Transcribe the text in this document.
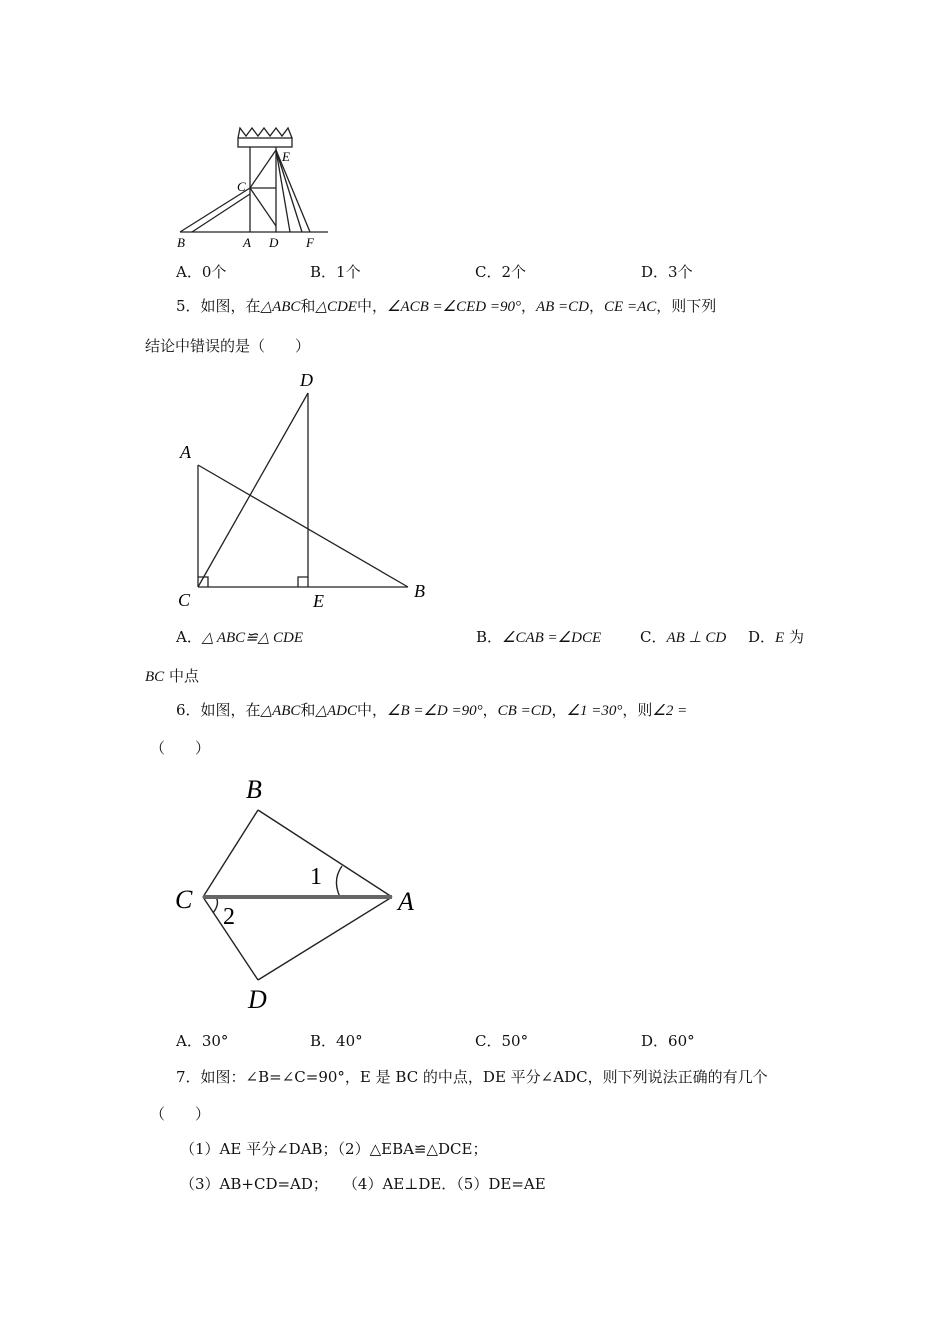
E
C
B	A D F
A．0个	B．1个	C．2个	D．3个
5．如图，在△ABC和△CDE中，∠ACB =∠CED =90°，AB =CD，CE =AC，则下列
结论中错误的是（　　）
D
A
C	E	B
A．△ ABC≌△ CDE	B．∠CAB =∠DCE	C．AB ⊥ CD D．E 为
BC 中点
6．如图，在△ABC和△ADC中，∠B =∠D =90°，CB =CD，∠1 =30°，则∠2 =
（　　）
B
C	A
D
1
2
A．30°	B．40°	C．50°	D．60°
7．如图：∠B=∠C=90°，E 是 BC 的中点，DE 平分∠ADC，则下列说法正确的有几个
（　　）
（1）AE 平分∠DAB；（2）△EBA≌△DCE；
（3）AB+CD=AD；　　（4）AE⊥DE．（5）DE=AE
